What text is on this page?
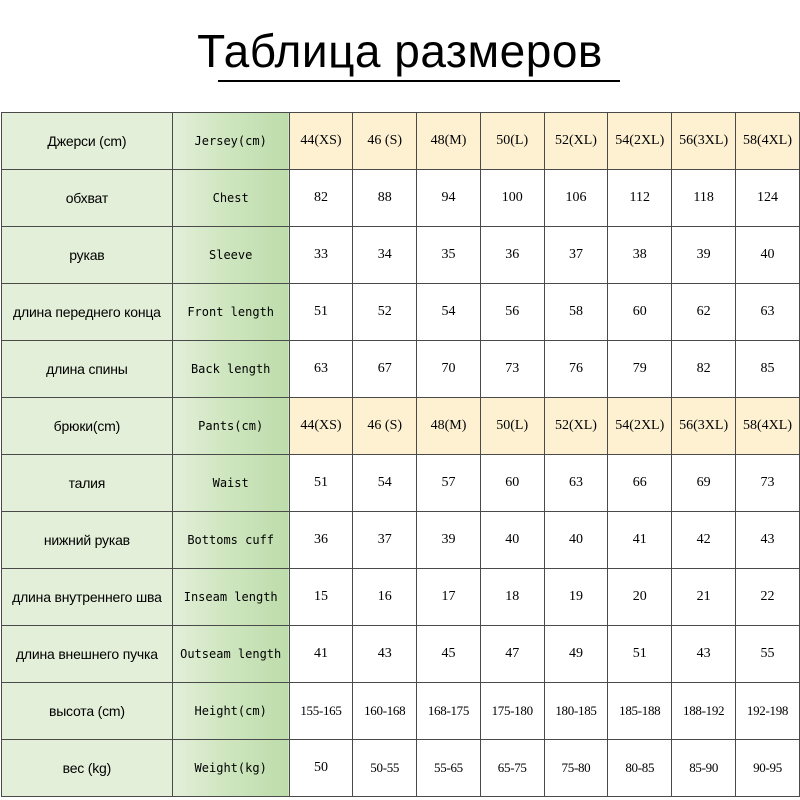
Таблица размеров
Джерси (cm)	Jersey(cm)	44(XS)	46 (S)	48(M)	50(L)	52(XL)	54(2XL)	56(3XL)	58(4XL)
обхват	Chest	82	88	94	100	106	112	118	124
рукав	Sleeve	33	34	35	36	37	38	39	40
длина переднего конца	Front length	51	52	54	56	58	60	62	63
длина спины	Back length	63	67	70	73	76	79	82	85
брюки(cm)	Pants(cm)	44(XS)	46 (S)	48(M)	50(L)	52(XL)	54(2XL)	56(3XL)	58(4XL)
талия	Waist	51	54	57	60	63	66	69	73
нижний рукав	Bottoms cuff	36	37	39	40	40	41	42	43
длина внутреннего шва	Inseam length	15	16	17	18	19	20	21	22
длина внешнего пучка	Outseam length	41	43	45	47	49	51	43	55
высота (cm)	Height(cm)	155-165	160-168	168-175	175-180	180-185	185-188	188-192	192-198
вес (kg)	Weight(kg)	50	50-55	55-65	65-75	75-80	80-85	85-90	90-95
